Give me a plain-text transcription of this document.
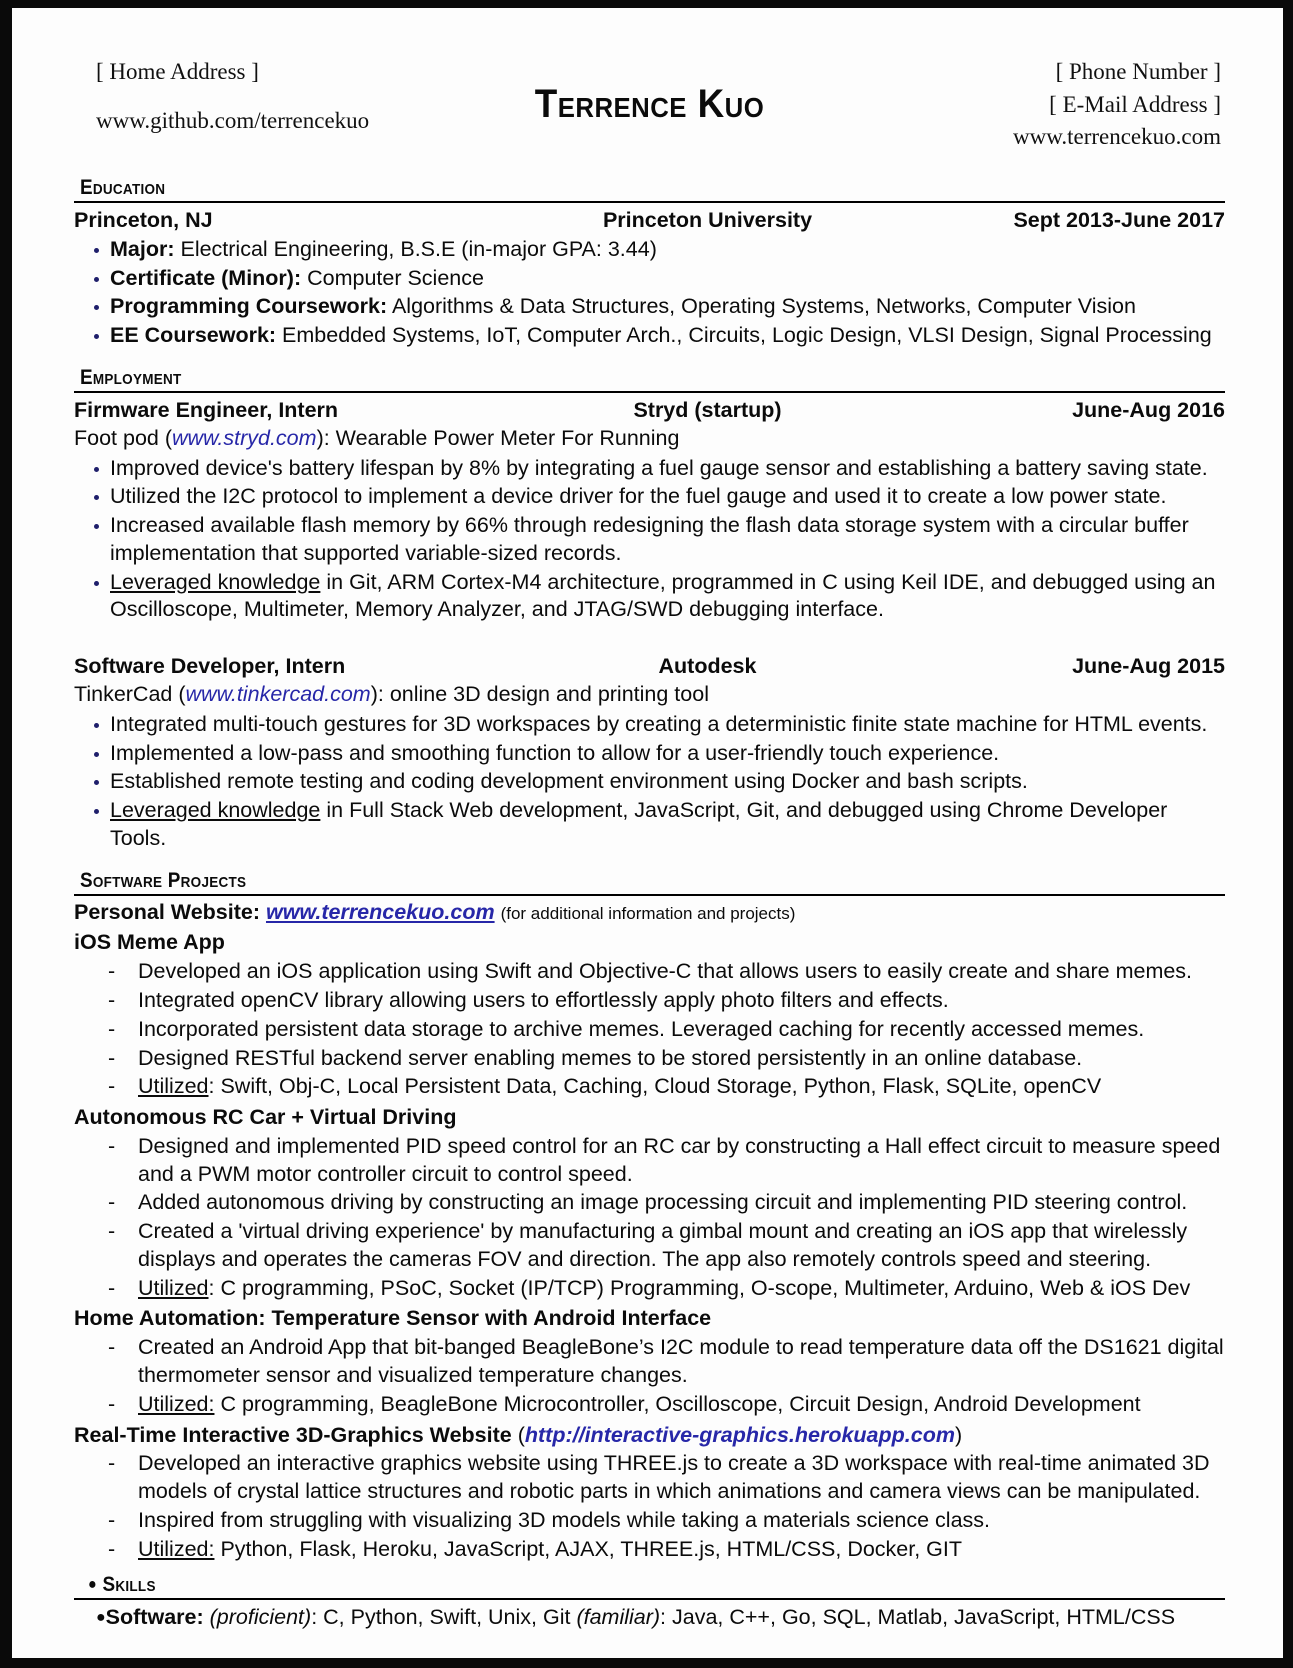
[ Home Address ]
www.github.com/terrencekuo	Terrence Kuo
[ Phone Number ]
[ E-Mail Address ]
www.terrencekuo.com
Education
Princeton, NJ	Princeton University	Sept 2013-June 2017
Major: Electrical Engineering, B.S.E (in-major GPA: 3.44)
Certificate (Minor): Computer Science
Programming Coursework: Algorithms & Data Structures, Operating Systems, Networks, Computer Vision
EE Coursework: Embedded Systems, IoT, Computer Arch., Circuits, Logic Design, VLSI Design, Signal Processing
Employment
Firmware Engineer, Intern	Stryd (startup)	June-Aug 2016
Foot pod (www.stryd.com): Wearable Power Meter For Running
Improved device's battery lifespan by 8% by integrating a fuel gauge sensor and establishing a battery saving state.
Utilized the I2C protocol to implement a device driver for the fuel gauge and used it to create a low power state.
Increased available flash memory by 66% through redesigning the flash data storage system with a circular buffer implementation that supported variable-sized records.
Leveraged knowledge in Git, ARM Cortex-M4 architecture, programmed in C using Keil IDE, and debugged using an Oscilloscope, Multimeter, Memory Analyzer, and JTAG/SWD debugging interface.
Software Developer, Intern	Autodesk	June-Aug 2015
TinkerCad (www.tinkercad.com): online 3D design and printing tool
Integrated multi-touch gestures for 3D workspaces by creating a deterministic finite state machine for HTML events.
Implemented a low-pass and smoothing function to allow for a user-friendly touch experience.
Established remote testing and coding development environment using Docker and bash scripts.
Leveraged knowledge in Full Stack Web development, JavaScript, Git, and debugged using Chrome Developer Tools.
Software Projects
Personal Website: www.terrencekuo.com (for additional information and projects)
iOS Meme App
- Developed an iOS application using Swift and Objective-C that allows users to easily create and share memes.
- Integrated openCV library allowing users to effortlessly apply photo filters and effects.
- Incorporated persistent data storage to archive memes. Leveraged caching for recently accessed memes.
- Designed RESTful backend server enabling memes to be stored persistently in an online database.
- Utilized: Swift, Obj-C, Local Persistent Data, Caching, Cloud Storage, Python, Flask, SQLite, openCV
Autonomous RC Car + Virtual Driving
- Designed and implemented PID speed control for an RC car by constructing a Hall effect circuit to measure speed and a PWM motor controller circuit to control speed.
- Added autonomous driving by constructing an image processing circuit and implementing PID steering control.
- Created a 'virtual driving experience' by manufacturing a gimbal mount and creating an iOS app that wirelessly displays and operates the cameras FOV and direction. The app also remotely controls speed and steering.
- Utilized: C programming, PSoC, Socket (IP/TCP) Programming, O-scope, Multimeter, Arduino, Web & iOS Dev
Home Automation: Temperature Sensor with Android Interface
- Created an Android App that bit-banged BeagleBone’s I2C module to read temperature data off the DS1621 digital thermometer sensor and visualized temperature changes.
- Utilized: C programming, BeagleBone Microcontroller, Oscilloscope, Circuit Design, Android Development
Real-Time Interactive 3D-Graphics Website (http://interactive-graphics.herokuapp.com)
- Developed an interactive graphics website using THREE.js to create a 3D workspace with real-time animated 3D models of crystal lattice structures and robotic parts in which animations and camera views can be manipulated.
- Inspired from struggling with visualizing 3D models while taking a materials science class.
- Utilized: Python, Flask, Heroku, JavaScript, AJAX, THREE.js, HTML/CSS, Docker, GIT
● Skills
●Software: (proficient): C, Python, Swift, Unix, Git (familiar): Java, C++, Go, SQL, Matlab, JavaScript, HTML/CSS
